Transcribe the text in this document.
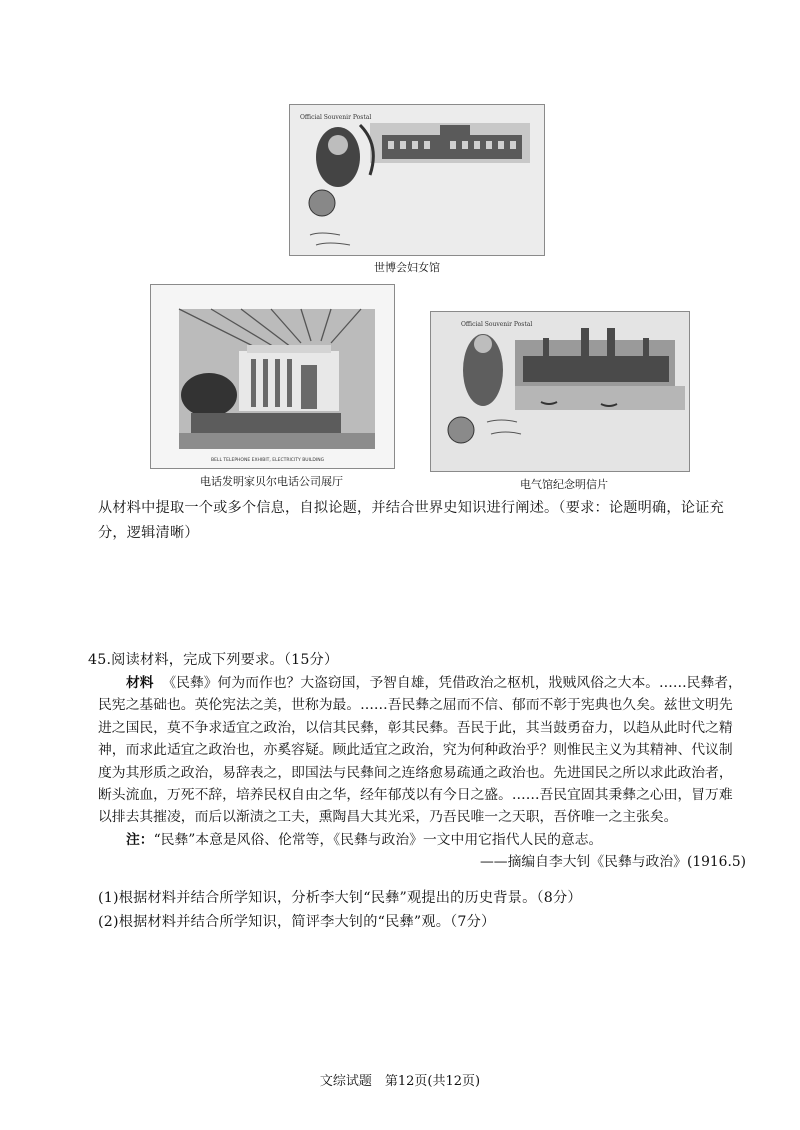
Official Souvenir Postal
世博会妇女馆
BELL TELEPHONE EXHIBIT, ELECTRICITY BUILDING
电话发明家贝尔电话公司展厅
Official Souvenir Postal
电气馆纪念明信片
从材料中提取一个或多个信息，自拟论题，并结合世界史知识进行阐述。（要求：论题明确，论证充分，逻辑清晰）
45.阅读材料，完成下列要求。（15分）

材料 《民彝》何为而作也？大盗窃国，予智自雄，凭借政治之枢机，戕贼风俗之大本。……民彝者，民宪之基础也。英伦宪法之美，世称为最。……吾民彝之屈而不信、郁而不彰于宪典也久矣。兹世文明先进之国民，莫不争求适宜之政治，以信其民彝，彰其民彝。吾民于此，其当鼓勇奋力，以趋从此时代之精神，而求此适宜之政治也，亦奚容疑。顾此适宜之政治，究为何种政治乎？则惟民主义为其精神、代议制度为其形质之政治，易辞表之，即国法与民彝间之连络愈易疏通之政治也。先进国民之所以求此政治者，断头流血，万死不辞，培养民权自由之华，经年郁茂以有今日之盛。……吾民宜固其秉彝之心田，冒万难以排去其摧凌，而后以渐渍之工夫，熏陶昌大其光采，乃吾民唯一之天职，吾侪唯一之主张矣。

注：“民彝”本意是风俗、伦常等，《民彝与政治》一文中用它指代人民的意志。

——摘编自李大钊《民彝与政治》(1916.5)

(1)根据材料并结合所学知识，分析李大钊“民彝”观提出的历史背景。（8分）
(2)根据材料并结合所学知识，简评李大钊的“民彝”观。（7分）
文综试题　第12页(共12页)
